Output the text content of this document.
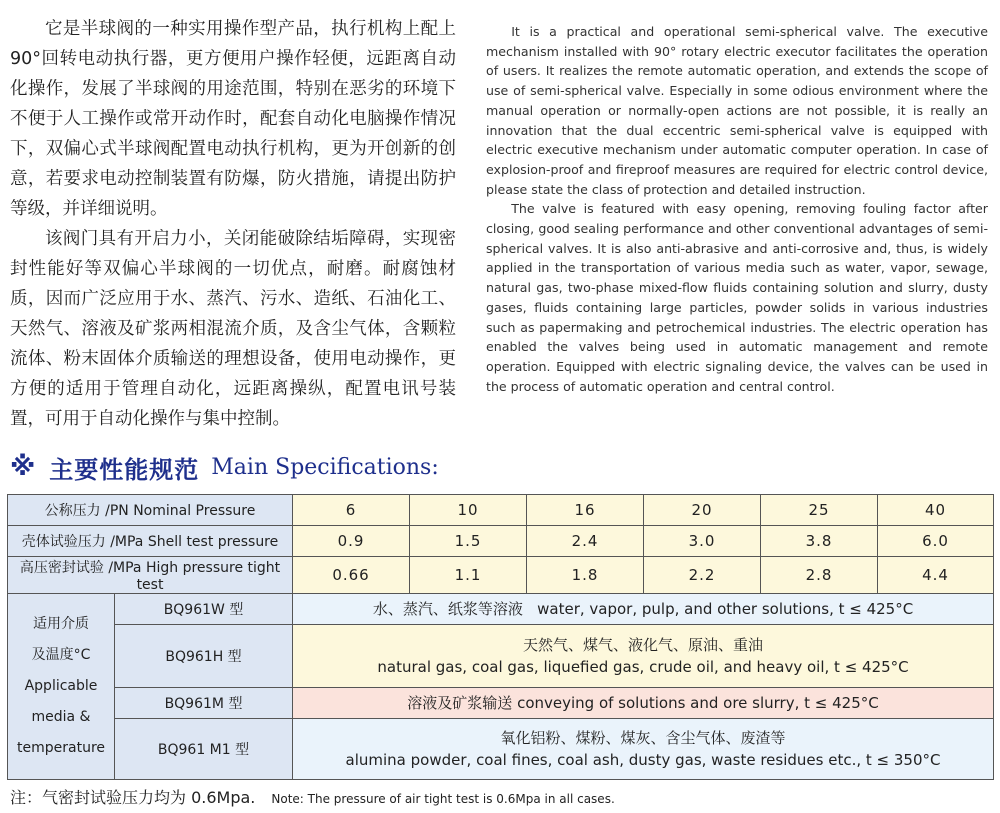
它是半球阀的一种实用操作型产品，执行机构上配上90°回转电动执行器，更方便用户操作轻便，远距离自动化操作，发展了半球阀的用途范围，特别在恶劣的环境下不便于人工操作或常开动作时，配套自动化电脑操作情况下，双偏心式半球阀配置电动执行机构，更为开创新的创意，若要求电动控制装置有防爆，防火措施，请提出防护等级，并详细说明。

该阀门具有开启力小，关闭能破除结垢障碍，实现密封性能好等双偏心半球阀的一切优点，耐磨。耐腐蚀材质，因而广泛应用于水、蒸汽、污水、造纸、石油化工、天然气、溶液及矿浆两相混流介质，及含尘气体，含颗粒流体、粉末固体介质输送的理想设备，使用电动操作，更方便的适用于管理自动化，远距离操纵，配置电讯号装置，可用于自动化操作与集中控制。

It is a practical and operational semi-spherical valve. The executive mechanism installed with 90° rotary electric executor facilitates the operation of users. It realizes the remote automatic operation, and extends the scope of use of semi-spherical valve. Especially in some odious environment where the manual operation or normally-open actions are not possible, it is really an innovation that the dual eccentric semi-spherical valve is equipped with electric executive mechanism under automatic computer operation. In case of explosion-proof and fireproof measures are required for electric control device, please state the class of protection and detailed instruction.

The valve is featured with easy opening, removing fouling factor after closing, good sealing performance and other conventional advantages of semi-spherical valves. It is also anti-abrasive and anti-corrosive and, thus, is widely applied in the transportation of various media such as water, vapor, sewage, natural gas, two-phase mixed-flow fluids containing solution and slurry, dusty gases, fluids containing large particles, powder solids in various industries such as papermaking and petrochemical industries. The electric operation has enabled the valves being used in automatic management and remote operation. Equipped with electric signaling device, the valves can be used in the process of automatic operation and central control.

※ 主要性能规范 Main Specifications:
公称压力 /PN Nominal Pressure		6	10	16	20	25	40
壳体试验压力 /MPa Shell test pressure		0.9	1.5	2.4	3.0	3.8	6.0
高压密封试验 /MPa High pressure tight test		0.66	1.1	1.8	2.2	2.8	4.4

适用介质
及温度°C
Applicable
media &
temperature	BQ961W 型	水、蒸汽、纸浆等溶液 water, vapor, pulp, and other solutions, t ≤ 425°C					
	BQ961H 型	天然气、煤气、液化气、原油、重油
natural gas, coal gas, liquefied gas, crude oil, and heavy oil, t ≤ 425°C					

	BQ961M 型	溶液及矿浆输送 conveying of solutions and ore slurry, t ≤ 425°C					
	BQ961 M1 型	氧化铝粉、煤粉、煤灰、含尘气体、废渣等
alumina powder, coal fines, coal ash, dusty gas, waste residues etc., t ≤ 350°C					
注：气密封试验压力均为 0.6Mpa. Note: The pressure of air tight test is 0.6Mpa in all cases.
